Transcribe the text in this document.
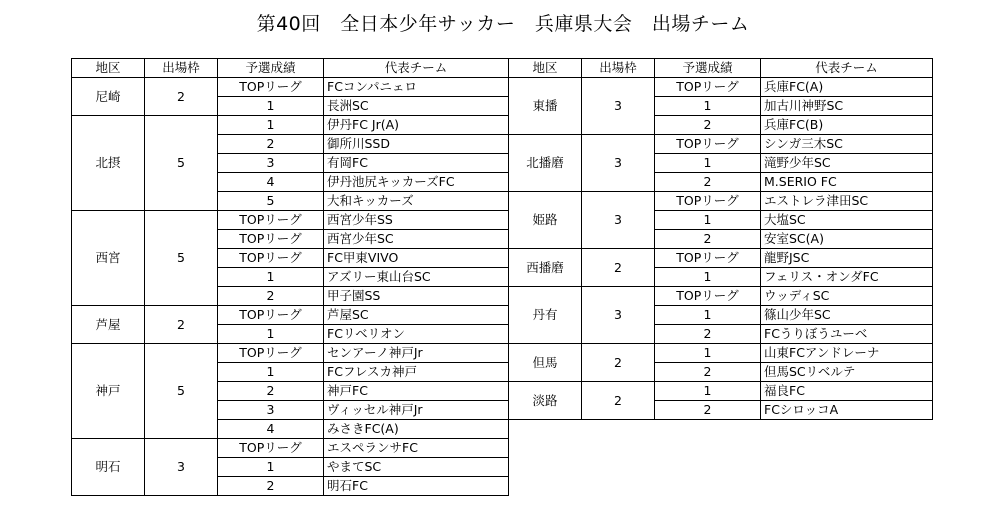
第40回　全日本少年サッカー　兵庫県大会　出場チーム
地区	出場枠	予選成績	代表チーム
尼崎	2	TOPリーグ	FCコンパニェロ
		1	長洲SC
北摂	5	1	伊丹FC Jr(A)
		2	御所川SSD
		3	有岡FC
		4	伊丹池尻キッカーズFC
		5	大和キッカーズ
西宮	5	TOPリーグ	西宮少年SS
		TOPリーグ	西宮少年SC
		TOPリーグ	FC甲東VIVO
		1	アズリー東山台SC
		2	甲子園SS
芦屋	2	TOPリーグ	芦屋SC
		1	FCリベリオン
神戸	5	TOPリーグ	センアーノ神戸Jr
		1	FCフレスカ神戸
		2	神戸FC
		3	ヴィッセル神戸Jr
		4	みさきFC(A)
明石	3	TOPリーグ	エスペランサFC
		1	やまてSC
		2	明石FC
地区	出場枠	予選成績	代表チーム
東播	3	TOPリーグ	兵庫FC(A)
		1	加古川神野SC
		2	兵庫FC(B)
北播磨	3	TOPリーグ	シンガ三木SC
		1	滝野少年SC
		2	M.SERIO FC
姫路	3	TOPリーグ	エストレラ津田SC
		1	大塩SC
		2	安室SC(A)
西播磨	2	TOPリーグ	龍野JSC
		1	フェリス・オンダFC
丹有	3	TOPリーグ	ウッディSC
		1	篠山少年SC
		2	FCうりぼうユーベ
但馬	2	1	山東FCアンドレーナ
		2	但馬SCリベルテ
淡路	2	1	福良FC
		2	FCシロッコA
